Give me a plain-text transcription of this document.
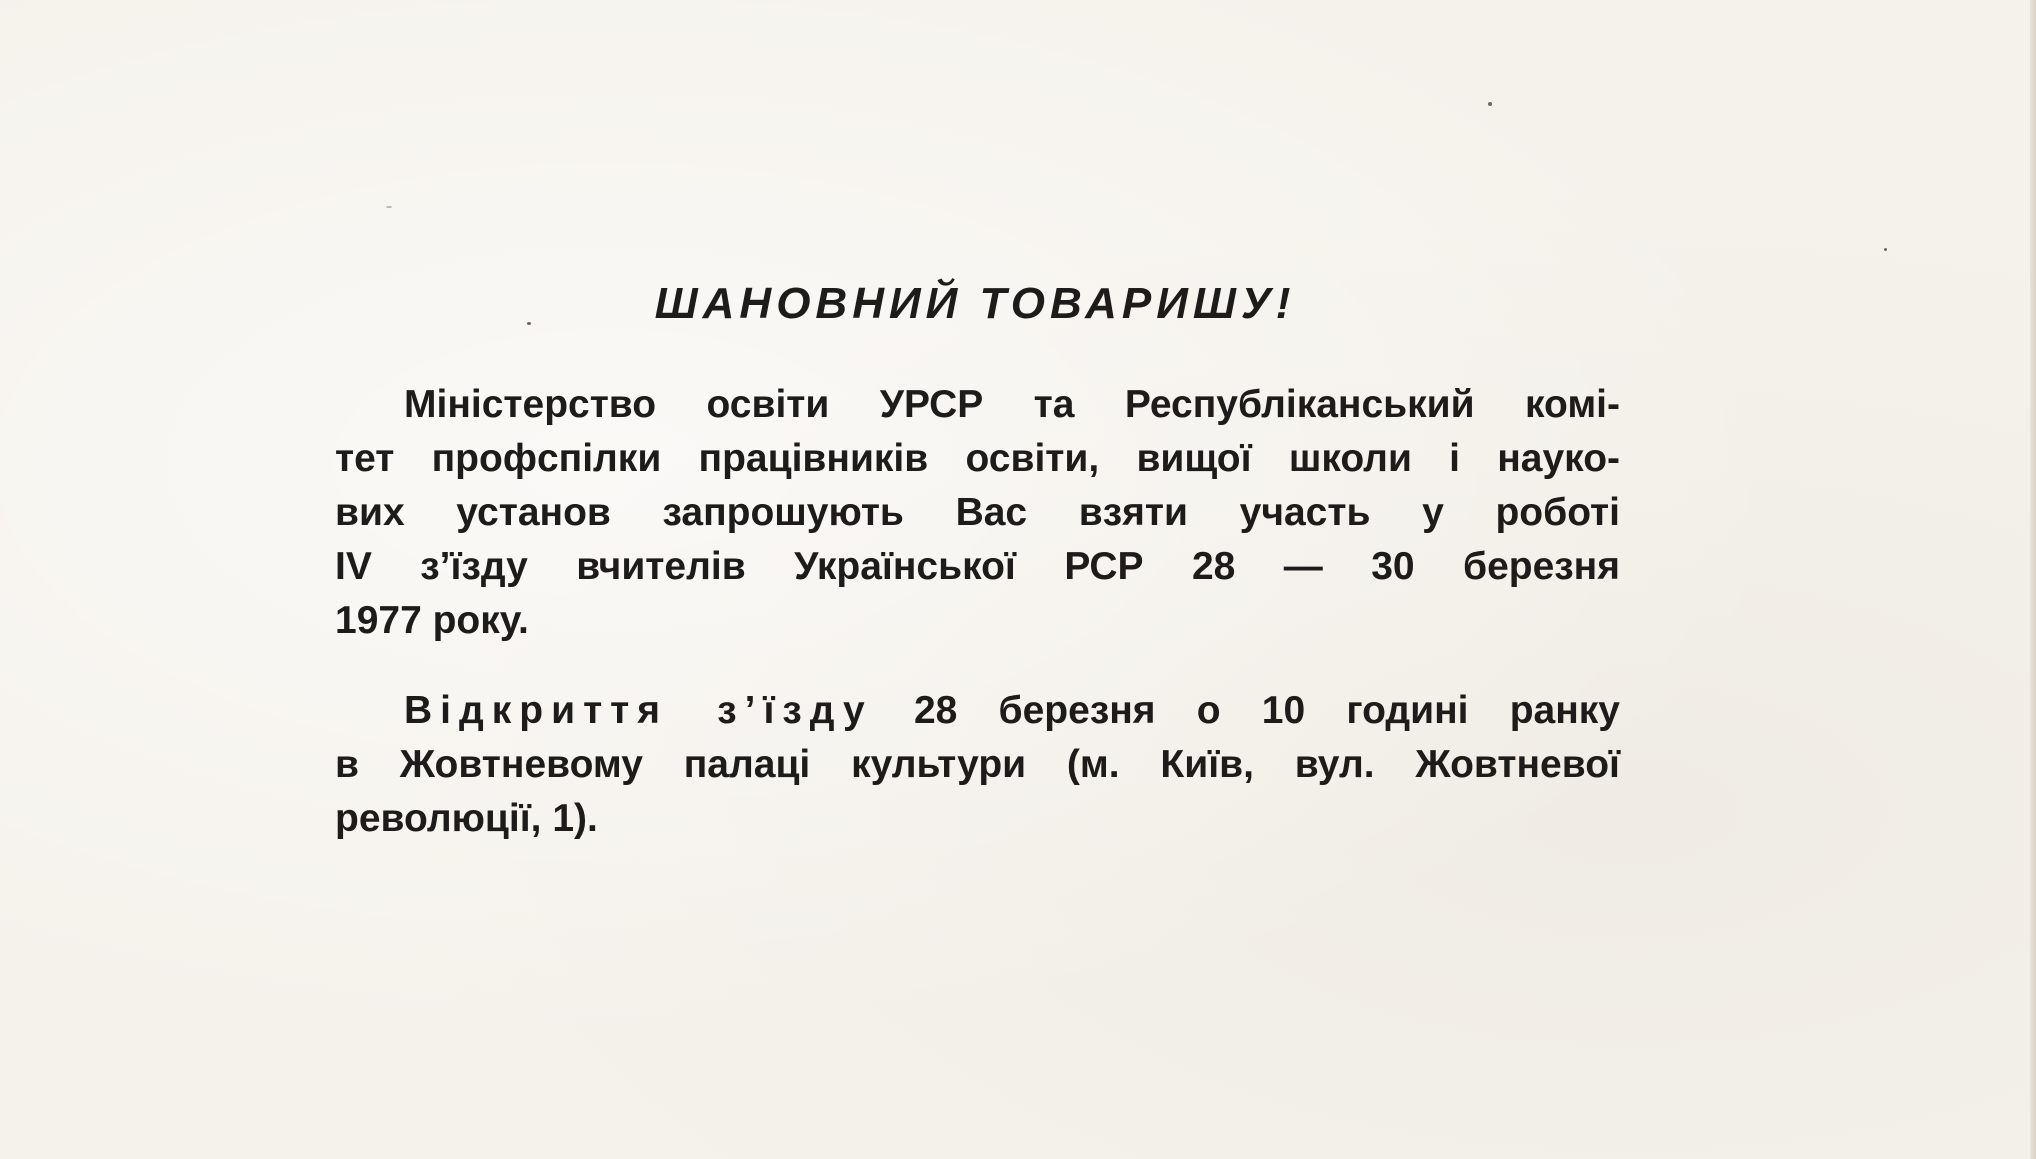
ШАНОВНИЙ ТОВАРИШУ!
Міністерство освіти УРСР та Республіканський комі-
тет профспілки працівників освіти, вищої школи і науко-
вих установ запрошують Вас взяти участь у роботі
IV з’їзду вчителів Української РСР 28 — 30 березня
1977 року.
Відкриття з’їзду 28 березня о 10 годині ранку
в Жовтневому палаці культури (м. Київ, вул. Жовтневої
революції, 1).
